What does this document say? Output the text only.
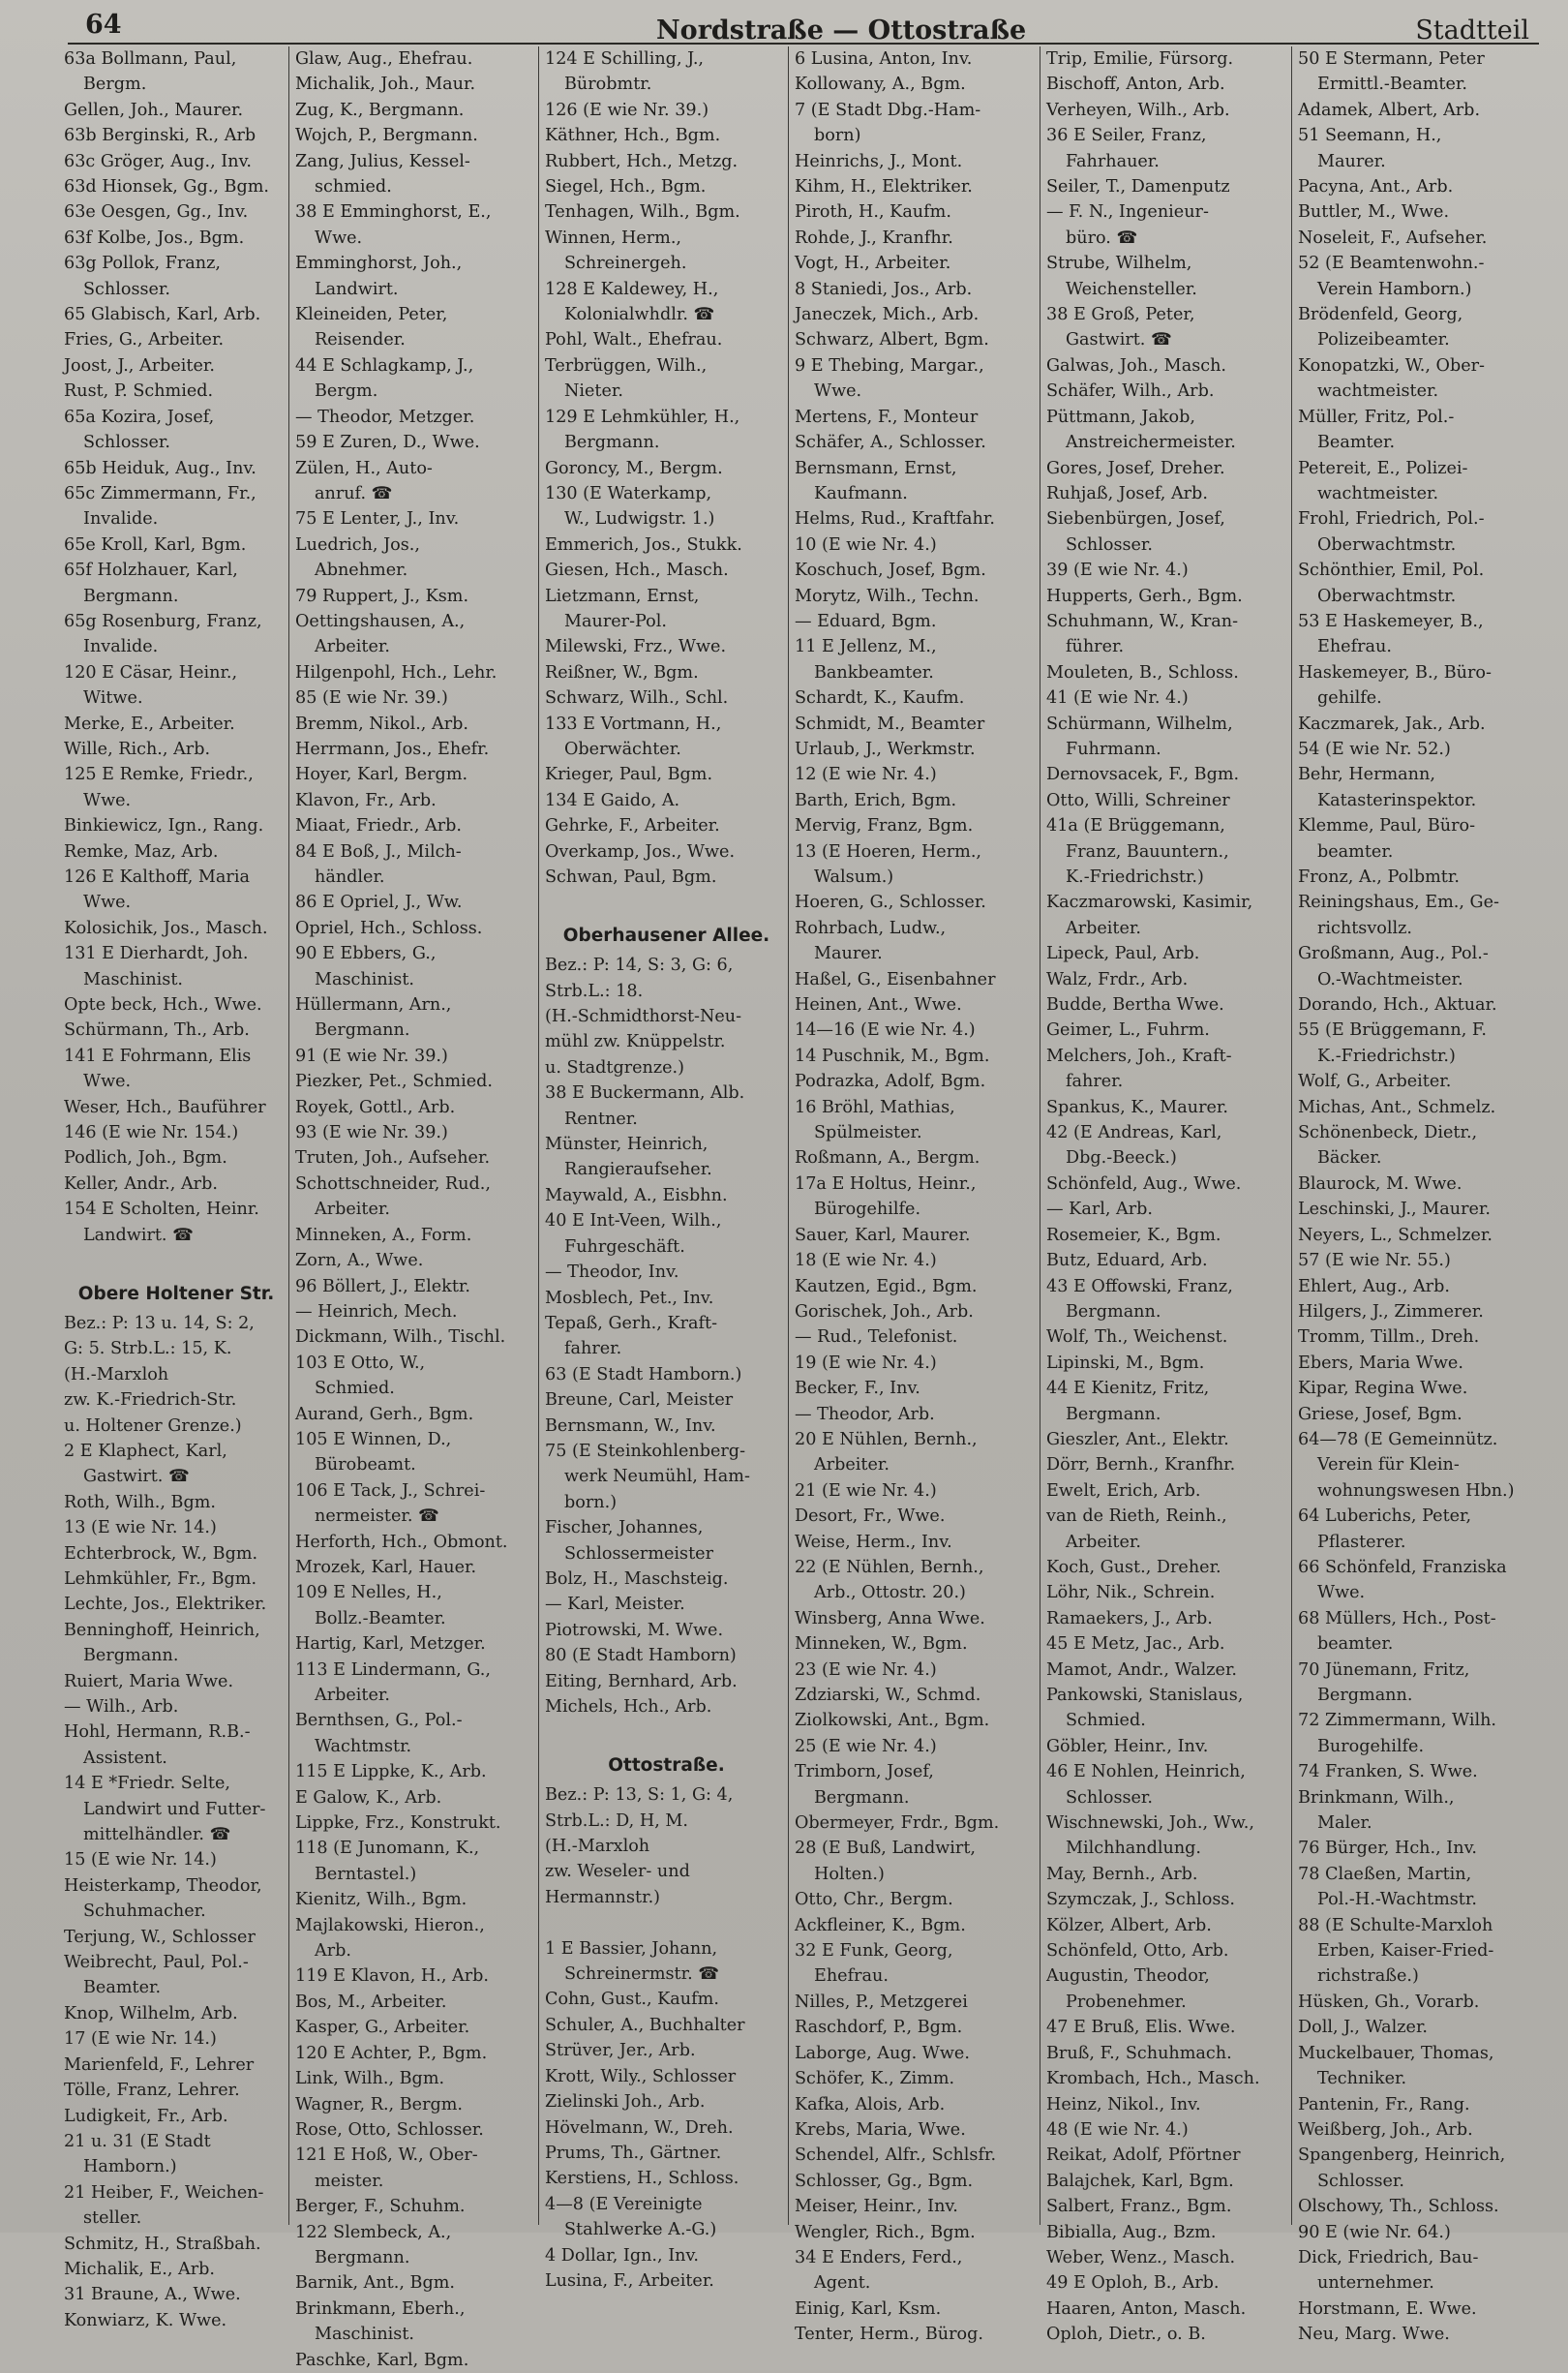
64	Nordstraße — Ottostraße	Stadtteil
63a Bollmann, Paul,
Bergm.
Gellen, Joh., Maurer.
63b Berginski, R., Arb
63c Gröger, Aug., Inv.
63d Hionsek, Gg., Bgm.
63e Oesgen, Gg., Inv.
63f Kolbe, Jos., Bgm.
63g Pollok, Franz,
Schlosser.
65 Glabisch, Karl, Arb.
Fries, G., Arbeiter.
Joost, J., Arbeiter.
Rust, P. Schmied.
65a Kozira, Josef,
Schlosser.
65b Heiduk, Aug., Inv.
65c Zimmermann, Fr.,
Invalide.
65e Kroll, Karl, Bgm.
65f Holzhauer, Karl,
Bergmann.
65g Rosenburg, Franz,
Invalide.
120 E Cäsar, Heinr.,
Witwe.
Merke, E., Arbeiter.
Wille, Rich., Arb.
125 E Remke, Friedr.,
Wwe.
Binkiewicz, Ign., Rang.
Remke, Maz, Arb.
126 E Kalthoff, Maria
Wwe.
Kolosichik, Jos., Masch.
131 E Dierhardt, Joh.
Maschinist.
Opte beck, Hch., Wwe.
Schürmann, Th., Arb.
141 E Fohrmann, Elis
Wwe.
Weser, Hch., Bauführer
146 (E wie Nr. 154.)
Podlich, Joh., Bgm.
Keller, Andr., Arb.
154 E Scholten, Heinr.
Landwirt. ☎

Obere Holtener Str.
Bez.: P: 13 u. 14, S: 2,
G: 5. Strb.L.: 15, K.
(H.-Marxloh
zw. K.-Friedrich-Str.
u. Holtener Grenze.)
2 E Klaphect, Karl,
Gastwirt. ☎
Roth, Wilh., Bgm.
13 (E wie Nr. 14.)
Echterbrock, W., Bgm.
Lehmkühler, Fr., Bgm.
Lechte, Jos., Elektriker.
Benninghoff, Heinrich,
Bergmann.
Ruiert, Maria Wwe.
— Wilh., Arb.
Hohl, Hermann, R.B.-
Assistent.
14 E *Friedr. Selte,
Landwirt und Futter-
mittelhändler. ☎
15 (E wie Nr. 14.)
Heisterkamp, Theodor,
Schuhmacher.
Terjung, W., Schlosser
Weibrecht, Paul, Pol.-
Beamter.
Knop, Wilhelm, Arb.
17 (E wie Nr. 14.)
Marienfeld, F., Lehrer
Tölle, Franz, Lehrer.
Ludigkeit, Fr., Arb.
21 u. 31 (E Stadt
Hamborn.)
21 Heiber, F., Weichen-
steller.
Schmitz, H., Straßbah.
Michalik, E., Arb.
31 Braune, A., Wwe.
Konwiarz, K. Wwe.
Glaw, Aug., Ehefrau.
Michalik, Joh., Maur.
Zug, K., Bergmann.
Wojch, P., Bergmann.
Zang, Julius, Kessel-
schmied.
38 E Emminghorst, E.,
Wwe.
Emminghorst, Joh.,
Landwirt.
Kleineiden, Peter,
Reisender.
44 E Schlagkamp, J.,
Bergm.
— Theodor, Metzger.
59 E Zuren, D., Wwe.
Zülen, H., Auto-
anruf. ☎
75 E Lenter, J., Inv.
Luedrich, Jos.,
Abnehmer.
79 Ruppert, J., Ksm.
Oettingshausen, A.,
Arbeiter.
Hilgenpohl, Hch., Lehr.
85 (E wie Nr. 39.)
Bremm, Nikol., Arb.
Herrmann, Jos., Ehefr.
Hoyer, Karl, Bergm.
Klavon, Fr., Arb.
Miaat, Friedr., Arb.
84 E Boß, J., Milch-
händler.
86 E Opriel, J., Ww.
Opriel, Hch., Schloss.
90 E Ebbers, G.,
Maschinist.
Hüllermann, Arn.,
Bergmann.
91 (E wie Nr. 39.)
Piezker, Pet., Schmied.
Royek, Gottl., Arb.
93 (E wie Nr. 39.)
Truten, Joh., Aufseher.
Schottschneider, Rud.,
Arbeiter.
Minneken, A., Form.
Zorn, A., Wwe.
96 Böllert, J., Elektr.
— Heinrich, Mech.
Dickmann, Wilh., Tischl.
103 E Otto, W.,
Schmied.
Aurand, Gerh., Bgm.
105 E Winnen, D.,
Bürobeamt.
106 E Tack, J., Schrei-
nermeister. ☎
Herforth, Hch., Obmont.
Mrozek, Karl, Hauer.
109 E Nelles, H.,
Bollz.-Beamter.
Hartig, Karl, Metzger.
113 E Lindermann, G.,
Arbeiter.
Bernthsen, G., Pol.-
Wachtmstr.
115 E Lippke, K., Arb.
E Galow, K., Arb.
Lippke, Frz., Konstrukt.
118 (E Junomann, K.,
Berntastel.)
Kienitz, Wilh., Bgm.
Majlakowski, Hieron.,
Arb.
119 E Klavon, H., Arb.
Bos, M., Arbeiter.
Kasper, G., Arbeiter.
120 E Achter, P., Bgm.
Link, Wilh., Bgm.
Wagner, R., Bergm.
Rose, Otto, Schlosser.
121 E Hoß, W., Ober-
meister.
Berger, F., Schuhm.
122 Slembeck, A.,
Bergmann.
Barnik, Ant., Bgm.
Brinkmann, Eberh.,
Maschinist.
Paschke, Karl, Bgm.
124 E Schilling, J.,
Bürobmtr.
126 (E wie Nr. 39.)
Käthner, Hch., Bgm.
Rubbert, Hch., Metzg.
Siegel, Hch., Bgm.
Tenhagen, Wilh., Bgm.
Winnen, Herm.,
Schreinergeh.
128 E Kaldewey, H.,
Kolonialwhdlr. ☎
Pohl, Walt., Ehefrau.
Terbrüggen, Wilh.,
Nieter.
129 E Lehmkühler, H.,
Bergmann.
Goroncy, M., Bergm.
130 (E Waterkamp,
W., Ludwigstr. 1.)
Emmerich, Jos., Stukk.
Giesen, Hch., Masch.
Lietzmann, Ernst,
Maurer-Pol.
Milewski, Frz., Wwe.
Reißner, W., Bgm.
Schwarz, Wilh., Schl.
133 E Vortmann, H.,
Oberwächter.
Krieger, Paul, Bgm.
134 E Gaido, A.
Gehrke, F., Arbeiter.
Overkamp, Jos., Wwe.
Schwan, Paul, Bgm.

Oberhausener Allee.
Bez.: P: 14, S: 3, G: 6,
Strb.L.: 18.
(H.-Schmidthorst-Neu-
mühl zw. Knüppelstr.
u. Stadtgrenze.)
38 E Buckermann, Alb.
Rentner.
Münster, Heinrich,
Rangieraufseher.
Maywald, A., Eisbhn.
40 E Int-Veen, Wilh.,
Fuhrgeschäft.
— Theodor, Inv.
Mosblech, Pet., Inv.
Tepaß, Gerh., Kraft-
fahrer.
63 (E Stadt Hamborn.)
Breune, Carl, Meister
Bernsmann, W., Inv.
75 (E Steinkohlenberg-
werk Neumühl, Ham-
born.)
Fischer, Johannes,
Schlossermeister
Bolz, H., Maschsteig.
— Karl, Meister.
Piotrowski, M. Wwe.
80 (E Stadt Hamborn)
Eiting, Bernhard, Arb.
Michels, Hch., Arb.

Ottostraße.
Bez.: P: 13, S: 1, G: 4,
Strb.L.: D, H, M.
(H.-Marxloh
zw. Weseler- und
Hermannstr.)

1 E Bassier, Johann,
Schreinermstr. ☎
Cohn, Gust., Kaufm.
Schuler, A., Buchhalter
Strüver, Jer., Arb.
Krott, Wily., Schlosser
Zielinski Joh., Arb.
Hövelmann, W., Dreh.
Prums, Th., Gärtner.
Kerstiens, H., Schloss.
4—8 (E Vereinigte
Stahlwerke A.-G.)
4 Dollar, Ign., Inv.
Lusina, F., Arbeiter.
6 Lusina, Anton, Inv.
Kollowany, A., Bgm.
7 (E Stadt Dbg.-Ham-
born)
Heinrichs, J., Mont.
Kihm, H., Elektriker.
Piroth, H., Kaufm.
Rohde, J., Kranfhr.
Vogt, H., Arbeiter.
8 Staniedi, Jos., Arb.
Janeczek, Mich., Arb.
Schwarz, Albert, Bgm.
9 E Thebing, Margar.,
Wwe.
Mertens, F., Monteur
Schäfer, A., Schlosser.
Bernsmann, Ernst,
Kaufmann.
Helms, Rud., Kraftfahr.
10 (E wie Nr. 4.)
Koschuch, Josef, Bgm.
Morytz, Wilh., Techn.
— Eduard, Bgm.
11 E Jellenz, M.,
Bankbeamter.
Schardt, K., Kaufm.
Schmidt, M., Beamter
Urlaub, J., Werkmstr.
12 (E wie Nr. 4.)
Barth, Erich, Bgm.
Mervig, Franz, Bgm.
13 (E Hoeren, Herm.,
Walsum.)
Hoeren, G., Schlosser.
Rohrbach, Ludw.,
Maurer.
Haßel, G., Eisenbahner
Heinen, Ant., Wwe.
14—16 (E wie Nr. 4.)
14 Puschnik, M., Bgm.
Podrazka, Adolf, Bgm.
16 Bröhl, Mathias,
Spülmeister.
Roßmann, A., Bergm.
17a E Holtus, Heinr.,
Bürogehilfe.
Sauer, Karl, Maurer.
18 (E wie Nr. 4.)
Kautzen, Egid., Bgm.
Gorischek, Joh., Arb.
— Rud., Telefonist.
19 (E wie Nr. 4.)
Becker, F., Inv.
— Theodor, Arb.
20 E Nühlen, Bernh.,
Arbeiter.
21 (E wie Nr. 4.)
Desort, Fr., Wwe.
Weise, Herm., Inv.
22 (E Nühlen, Bernh.,
Arb., Ottostr. 20.)
Winsberg, Anna Wwe.
Minneken, W., Bgm.
23 (E wie Nr. 4.)
Zdziarski, W., Schmd.
Ziolkowski, Ant., Bgm.
25 (E wie Nr. 4.)
Trimborn, Josef,
Bergmann.
Obermeyer, Frdr., Bgm.
28 (E Buß, Landwirt,
Holten.)
Otto, Chr., Bergm.
Ackfleiner, K., Bgm.
32 E Funk, Georg,
Ehefrau.
Nilles, P., Metzgerei
Raschdorf, P., Bgm.
Laborge, Aug. Wwe.
Schöfer, K., Zimm.
Kafka, Alois, Arb.
Krebs, Maria, Wwe.
Schendel, Alfr., Schlsfr.
Schlosser, Gg., Bgm.
Meiser, Heinr., Inv.
Wengler, Rich., Bgm.
34 E Enders, Ferd.,
Agent.
Einig, Karl, Ksm.
Tenter, Herm., Bürog.
Trip, Emilie, Fürsorg.
Bischoff, Anton, Arb.
Verheyen, Wilh., Arb.
36 E Seiler, Franz,
Fahrhauer.
Seiler, T., Damenputz
— F. N., Ingenieur-
büro. ☎
Strube, Wilhelm,
Weichensteller.
38 E Groß, Peter,
Gastwirt. ☎
Galwas, Joh., Masch.
Schäfer, Wilh., Arb.
Püttmann, Jakob,
Anstreichermeister.
Gores, Josef, Dreher.
Ruhjaß, Josef, Arb.
Siebenbürgen, Josef,
Schlosser.
39 (E wie Nr. 4.)
Hupperts, Gerh., Bgm.
Schuhmann, W., Kran-
führer.
Mouleten, B., Schloss.
41 (E wie Nr. 4.)
Schürmann, Wilhelm,
Fuhrmann.
Dernovsacek, F., Bgm.
Otto, Willi, Schreiner
41a (E Brüggemann,
Franz, Bauuntern.,
K.-Friedrichstr.)
Kaczmarowski, Kasimir,
Arbeiter.
Lipeck, Paul, Arb.
Walz, Frdr., Arb.
Budde, Bertha Wwe.
Geimer, L., Fuhrm.
Melchers, Joh., Kraft-
fahrer.
Spankus, K., Maurer.
42 (E Andreas, Karl,
Dbg.-Beeck.)
Schönfeld, Aug., Wwe.
— Karl, Arb.
Rosemeier, K., Bgm.
Butz, Eduard, Arb.
43 E Offowski, Franz,
Bergmann.
Wolf, Th., Weichenst.
Lipinski, M., Bgm.
44 E Kienitz, Fritz,
Bergmann.
Gieszler, Ant., Elektr.
Dörr, Bernh., Kranfhr.
Ewelt, Erich, Arb.
van de Rieth, Reinh.,
Arbeiter.
Koch, Gust., Dreher.
Löhr, Nik., Schrein.
Ramaekers, J., Arb.
45 E Metz, Jac., Arb.
Mamot, Andr., Walzer.
Pankowski, Stanislaus,
Schmied.
Göbler, Heinr., Inv.
46 E Nohlen, Heinrich,
Schlosser.
Wischnewski, Joh., Ww.,
Milchhandlung.
May, Bernh., Arb.
Szymczak, J., Schloss.
Kölzer, Albert, Arb.
Schönfeld, Otto, Arb.
Augustin, Theodor,
Probenehmer.
47 E Bruß, Elis. Wwe.
Bruß, F., Schuhmach.
Krombach, Hch., Masch.
Heinz, Nikol., Inv.
48 (E wie Nr. 4.)
Reikat, Adolf, Pförtner
Balajchek, Karl, Bgm.
Salbert, Franz., Bgm.
Bibialla, Aug., Bzm.
Weber, Wenz., Masch.
49 E Oploh, B., Arb.
Haaren, Anton, Masch.
Oploh, Dietr., o. B.
50 E Stermann, Peter
Ermittl.-Beamter.
Adamek, Albert, Arb.
51 Seemann, H.,
Maurer.
Pacyna, Ant., Arb.
Buttler, M., Wwe.
Noseleit, F., Aufseher.
52 (E Beamtenwohn.-
Verein Hamborn.)
Brödenfeld, Georg,
Polizeibeamter.
Konopatzki, W., Ober-
wachtmeister.
Müller, Fritz, Pol.-
Beamter.
Petereit, E., Polizei-
wachtmeister.
Frohl, Friedrich, Pol.-
Oberwachtmstr.
Schönthier, Emil, Pol.
Oberwachtmstr.
53 E Haskemeyer, B.,
Ehefrau.
Haskemeyer, B., Büro-
gehilfe.
Kaczmarek, Jak., Arb.
54 (E wie Nr. 52.)
Behr, Hermann,
Katasterinspektor.
Klemme, Paul, Büro-
beamter.
Fronz, A., Polbmtr.
Reiningshaus, Em., Ge-
richtsvollz.
Großmann, Aug., Pol.-
O.-Wachtmeister.
Dorando, Hch., Aktuar.
55 (E Brüggemann, F.
K.-Friedrichstr.)
Wolf, G., Arbeiter.
Michas, Ant., Schmelz.
Schönenbeck, Dietr.,
Bäcker.
Blaurock, M. Wwe.
Leschinski, J., Maurer.
Neyers, L., Schmelzer.
57 (E wie Nr. 55.)
Ehlert, Aug., Arb.
Hilgers, J., Zimmerer.
Tromm, Tillm., Dreh.
Ebers, Maria Wwe.
Kipar, Regina Wwe.
Griese, Josef, Bgm.
64—78 (E Gemeinnütz.
Verein für Klein-
wohnungswesen Hbn.)
64 Luberichs, Peter,
Pflasterer.
66 Schönfeld, Franziska
Wwe.
68 Müllers, Hch., Post-
beamter.
70 Jünemann, Fritz,
Bergmann.
72 Zimmermann, Wilh.
Burogehilfe.
74 Franken, S. Wwe.
Brinkmann, Wilh.,
Maler.
76 Bürger, Hch., Inv.
78 Claeßen, Martin,
Pol.-H.-Wachtmstr.
88 (E Schulte-Marxloh
Erben, Kaiser-Fried-
richstraße.)
Hüsken, Gh., Vorarb.
Doll, J., Walzer.
Muckelbauer, Thomas,
Techniker.
Pantenin, Fr., Rang.
Weißberg, Joh., Arb.
Spangenberg, Heinrich,
Schlosser.
Olschowy, Th., Schloss.
90 E (wie Nr. 64.)
Dick, Friedrich, Bau-
unternehmer.
Horstmann, E. Wwe.
Neu, Marg. Wwe.
